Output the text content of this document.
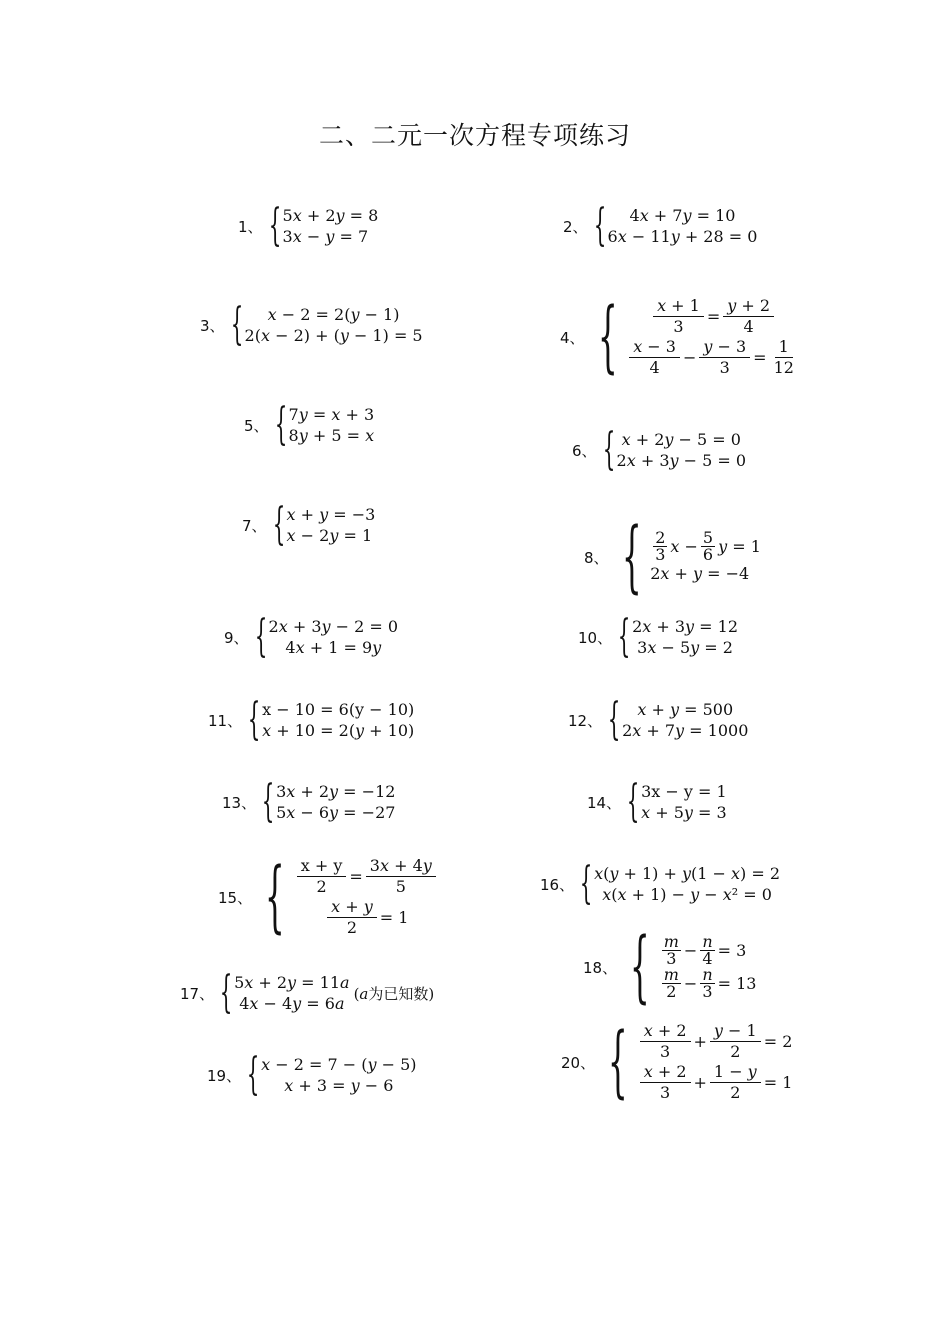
二、二元一次方程专项练习
1、 { 5𝑥 + 2𝑦 = 8
3𝑥 − 𝑦 = 7
2、 { 4𝑥 + 7𝑦 = 10
6𝑥 − 11𝑦 + 28 = 0
3、 { 𝑥 − 2 = 2(𝑦 − 1)
2(𝑥 − 2) + (𝑦 − 1) = 5	4、 { $\frac{\text{𝑥 + 1}}{3} = \frac{\text{𝑦 + 2}}{4}$
$\frac{\text{𝑥 − 3}}{4} - \frac{\text{𝑦 − 3}}{3} = \frac{1}{12}$
5、 { 7𝑦 = 𝑥 + 3
8𝑦 + 5 = 𝑥
6、 { 𝑥 + 2𝑦 − 5 = 0
2𝑥 + 3𝑦 − 5 = 0
7、 { 𝑥 + 𝑦 = −3
𝑥 − 2𝑦 = 1
8、 { $\frac{2}{3}$ 𝑥 − $\frac{5}{6}$ 𝑦 = 1
2𝑥 + 𝑦 = −4
9、 { 2𝑥 + 3𝑦 − 2 = 0
4𝑥 + 1 = 9𝑦
10、 { 2𝑥 + 3𝑦 = 12
3𝑥 − 5𝑦 = 2
11、 { x − 10 = 6(y − 10)
𝑥 + 10 = 2(𝑦 + 10)
12、 { 𝑥 + 𝑦 = 500
2𝑥 + 7𝑦 = 1000
13、 { 3𝑥 + 2𝑦 = −12
5𝑥 − 6𝑦 = −27
14、 { 3x − y = 1
𝑥 + 5𝑦 = 3
15、 { $\frac{x + y}{2} = \frac{\text{3𝑥 + 4𝑦}}{5}$
$\frac{\text{𝑥 + 𝑦}}{2} = 1$
16、 { 𝑥(𝑦 + 1) + 𝑦(1 − 𝑥) = 2
𝑥(𝑥 + 1) − 𝑦 − 𝑥² = 0
17、 { 5𝑥 + 2𝑦 = 11𝑎
4𝑥 − 4𝑦 = 6𝑎
(𝑎为已知数)
18、 { $\frac{\text{𝑚}}{3} - \frac{\text{𝑛}}{4} = 3$
$\frac{\text{𝑚}}{2} - \frac{\text{𝑛}}{3} = 13$
19、 { 𝑥 − 2 = 7 − (𝑦 − 5)
𝑥 + 3 = 𝑦 − 6
20、 { $\frac{\text{𝑥 + 2}}{3} + \frac{\text{𝑦 − 1}}{2} = 2$
$\frac{\text{𝑥 + 2}}{3} + \frac{\text{1 − 𝑦}}{2} = 1$
